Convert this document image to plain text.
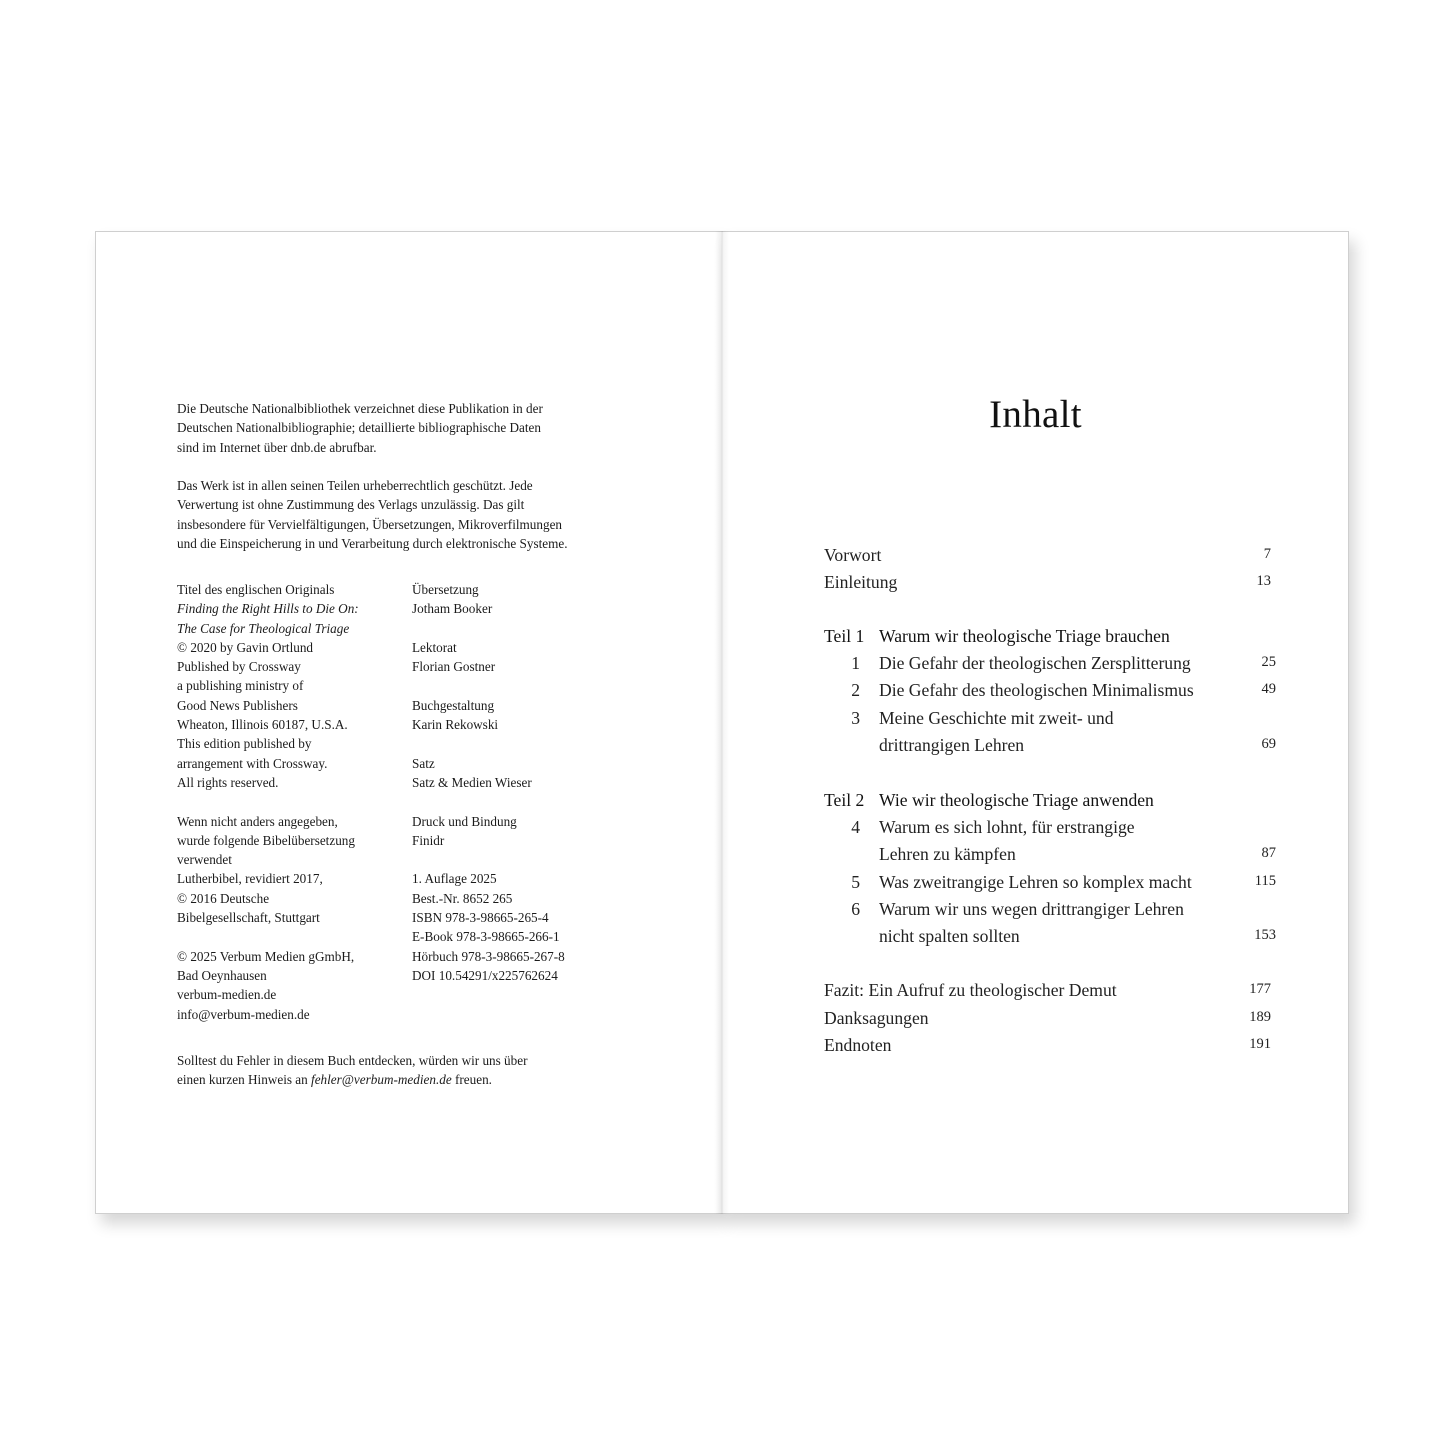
Die Deutsche Nationalbibliothek verzeichnet diese Publikation in der
Deutschen Nationalbibliographie; detaillierte bibliographische Daten
sind im Internet über dnb.de abrufbar.

Das Werk ist in allen seinen Teilen urheberrechtlich geschützt. Jede
Verwertung ist ohne Zustimmung des Verlags unzulässig. Das gilt
insbesondere für Vervielfältigungen, Übersetzungen, Mikroverfilmungen
und die Einspeicherung in und Verarbeitung durch elektronische Systeme.

Titel des englischen Originals
Finding the Right Hills to Die On:
The Case for Theological Triage
© 2020 by Gavin Ortlund
Published by Crossway
a publishing ministry of
Good News Publishers
Wheaton, Illinois 60187, U.S.A.
This edition published by
arrangement with Crossway.
All rights reserved.
Wenn nicht anders angegeben,
wurde folgende Bibelübersetzung
verwendet
Lutherbibel, revidiert 2017,
© 2016 Deutsche
Bibelgesellschaft, Stuttgart
© 2025 Verbum Medien gGmbH,
Bad Oeynhausen
verbum-medien.de
info@verbum-medien.de
Übersetzung
Jotham Booker
Lektorat
Florian Gostner
Buchgestaltung
Karin Rekowski
Satz
Satz & Medien Wieser
Druck und Bindung
Finidr
1. Auflage 2025
Best.-Nr. 8652 265
ISBN 978-3-98665-265-4
E-Book 978-3-98665-266-1
Hörbuch 978-3-98665-267-8
DOI 10.54291/x225762624

Solltest du Fehler in diesem Buch entdecken, würden wir uns über
einen kurzen Hinweis an fehler@verbum-medien.de freuen.

Inhalt
Vorwort	7
Einleitung	13
Teil 1 Warum wir theologische Triage brauchen
1 Die Gefahr der theologischen Zersplitterung	25
2 Die Gefahr des theologischen Minimalismus	49
3 Meine Geschichte mit zweit- und
drittrangigen Lehren	69
Teil 2 Wie wir theologische Triage anwenden
4 Warum es sich lohnt, für erstrangige
Lehren zu kämpfen	87
5 Was zweitrangige Lehren so komplex macht	115
6 Warum wir uns wegen drittrangiger Lehren
nicht spalten sollten	153
Fazit: Ein Aufruf zu theologischer Demut	177
Danksagungen	189
Endnoten	191
